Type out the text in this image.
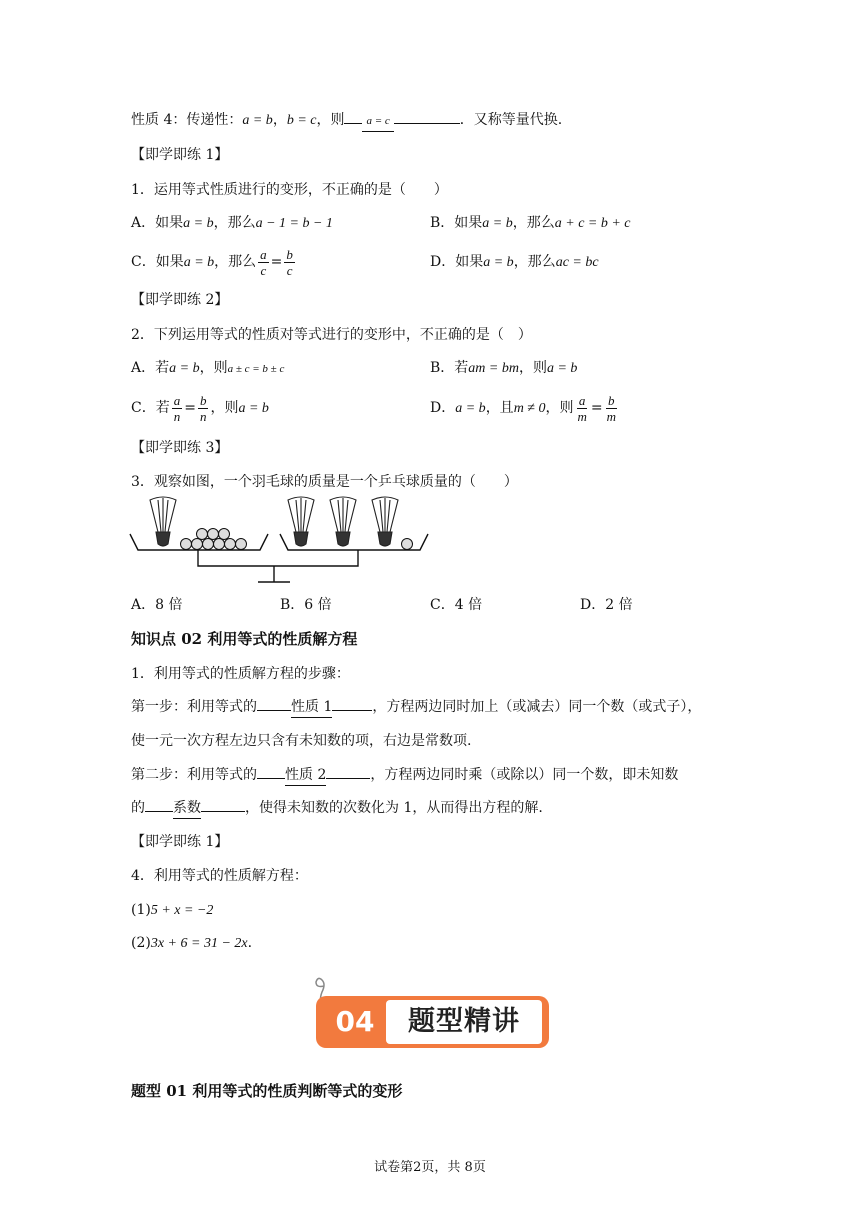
性质 4：传递性：a = b，b = c，则 a = c	．又称等量代换.
【即学即练 1】
1．运用等式性质进行的变形，不正确的是（　　）
A．如果a = b，那么a − 1 = b − 1	B．如果a = b，那么a + c = b + c
C．如果a = b，那么 $\frac{a}{c} = \frac{b}{c}$	D．如果a = b，那么ac = bc
【即学即练 2】
2．下列运用等式的性质对等式进行的变形中，不正确的是（　）
A．若a = b，则a ± c = b ± c	B．若am = bm，则a = b
C．若 $\frac{a}{n} = \frac{b}{n}$ ，则a = b	D．a = b，且m ≠ 0，则 $\frac{a}{m} = \frac{b}{m}$
【即学即练 3】
3．观察如图，一个羽毛球的质量是一个乒乓球质量的（　　）
A．8 倍	B．6 倍	C．4 倍	D．2 倍
知识点 02 利用等式的性质解方程
1．利用等式的性质解方程的步骤：
第一步：利用等式的 性质 1	，方程两边同时加上（或减去）同一个数（或式子），
使一元一次方程左边只含有未知数的项，右边是常数项.
第二步：利用等式的 性质 2	，方程两边同时乘（或除以）同一个数，即未知数
的 系数	，使得未知数的次数化为 1，从而得出方程的解.
【即学即练 1】
4．利用等式的性质解方程：
(1)5 + x = −2
(2)3x + 6 = 31 − 2x.
04	题型精讲
题型 01 利用等式的性质判断等式的变形
试卷第2页，共 8页
